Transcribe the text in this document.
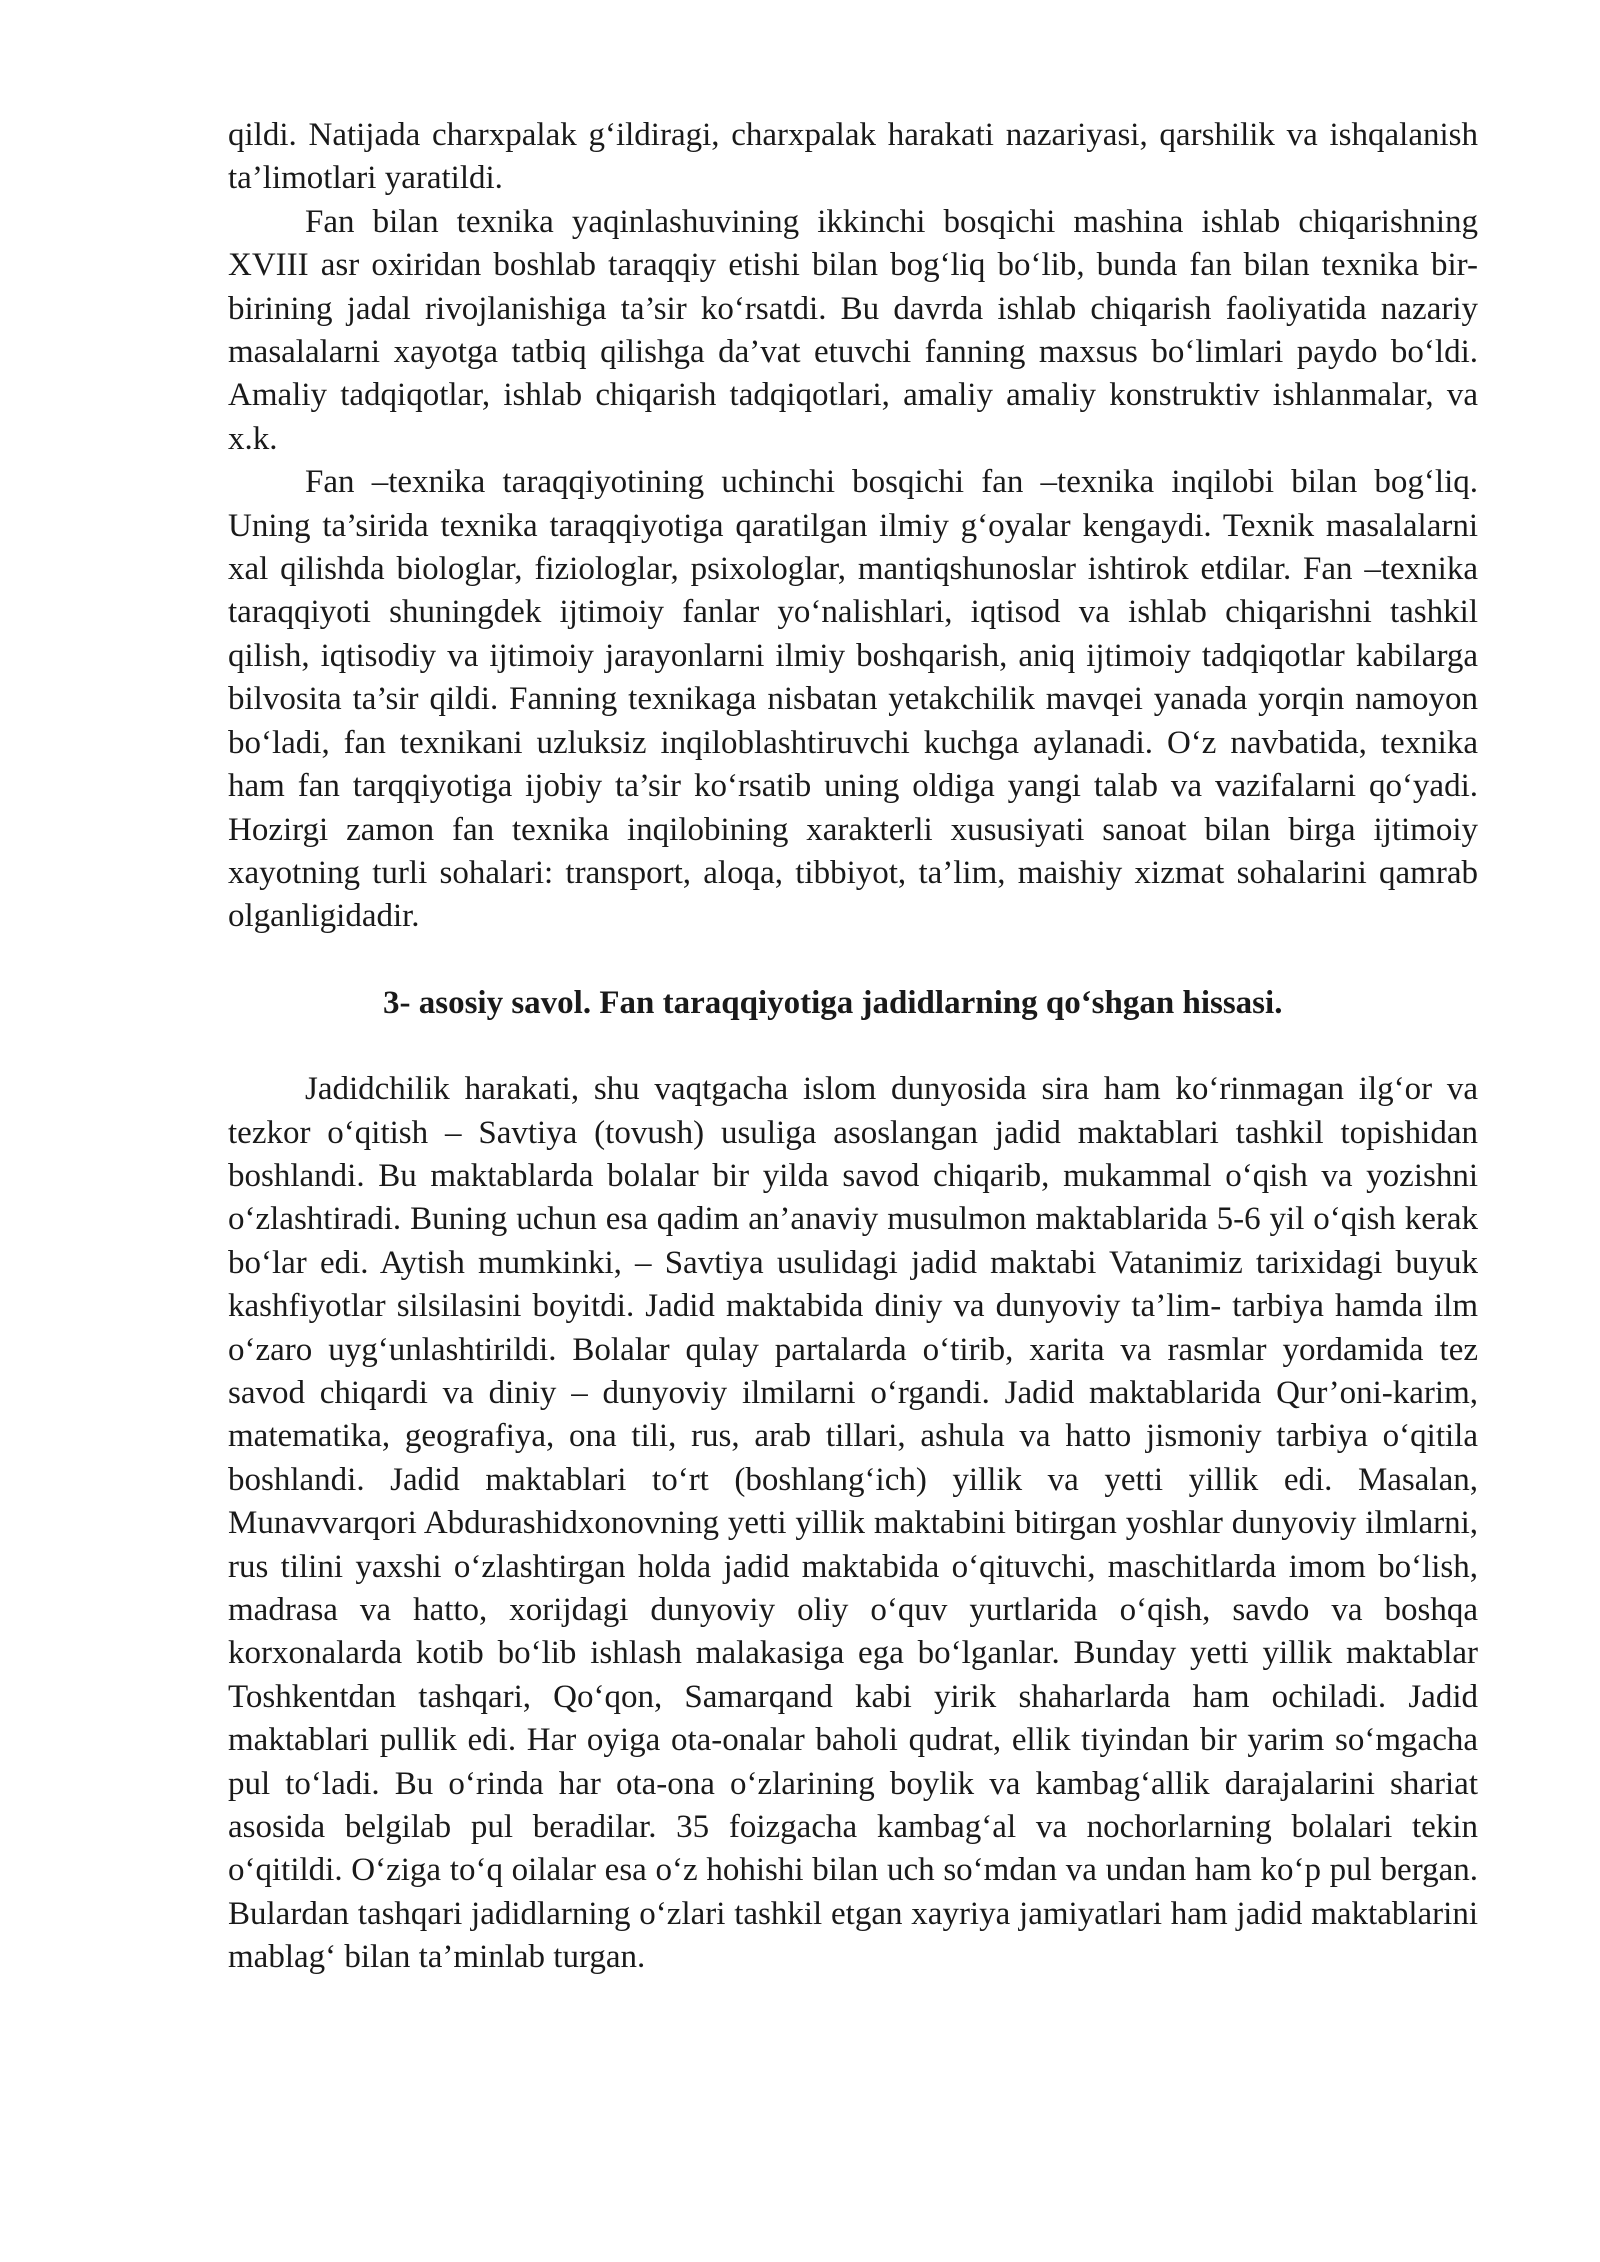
qildi. Natijada charxpalak g‘ildiragi, charxpalak harakati nazariyasi, qarshilik va ishqalanish ta’limotlari yaratildi.

Fan bilan texnika yaqinlashuvining ikkinchi bosqichi mashina ishlab chiqarishning XVIII asr oxiridan boshlab taraqqiy etishi bilan bog‘liq bo‘lib, bunda fan bilan texnika bir-birining jadal rivojlanishiga ta’sir ko‘rsatdi. Bu davrda ishlab chiqarish faoliyatida nazariy masalalarni xayotga tatbiq qilishga da’vat etuvchi fanning maxsus bo‘limlari paydo bo‘ldi. Amaliy tadqiqotlar, ishlab chiqarish tadqiqotlari, amaliy amaliy konstruktiv ishlanmalar, va x.k.

Fan –texnika taraqqiyotining uchinchi bosqichi fan –texnika inqilobi bilan bog‘liq. Uning ta’sirida texnika taraqqiyotiga qaratilgan ilmiy g‘oyalar kengaydi. Texnik masalalarni xal qilishda biologlar, fiziologlar, psixologlar, mantiqshunoslar ishtirok etdilar. Fan –texnika taraqqiyoti shuningdek ijtimoiy fanlar yo‘nalishlari, iqtisod va ishlab chiqarishni tashkil qilish, iqtisodiy va ijtimoiy jarayonlarni ilmiy boshqarish, aniq ijtimoiy tadqiqotlar kabilarga bilvosita ta’sir qildi. Fanning texnikaga nisbatan yetakchilik mavqei yanada yorqin namoyon bo‘ladi, fan texnikani uzluksiz inqiloblashtiruvchi kuchga aylanadi. O‘z navbatida, texnika ham fan tarqqiyotiga ijobiy ta’sir ko‘rsatib uning oldiga yangi talab va vazifalarni qo‘yadi. Hozirgi zamon fan texnika inqilobining xarakterli xususiyati sanoat bilan birga ijtimoiy xayotning turli sohalari: transport, aloqa, tibbiyot, ta’lim, maishiy xizmat sohalarini qamrab olganligidadir.

3- asosiy savol. Fan taraqqiyotiga jadidlarning qo‘shgan hissasi.

Jadidchilik harakati, shu vaqtgacha islom dunyosida sira ham ko‘rinmagan ilg‘or va tezkor o‘qitish – Savtiya (tovush) usuliga asoslangan jadid maktablari tashkil topishidan boshlandi. Bu maktablarda bolalar bir yilda savod chiqarib, mukammal o‘qish va yozishni o‘zlashtiradi. Buning uchun esa qadim an’anaviy musulmon maktablarida 5-6 yil o‘qish kerak bo‘lar edi. Aytish mumkinki, – Savtiya usulidagi jadid maktabi Vatanimiz tarixidagi buyuk kashfiyotlar silsilasini boyitdi. Jadid maktabida diniy va dunyoviy ta’lim- tarbiya hamda ilm o‘zaro uyg‘unlashtirildi. Bolalar qulay partalarda o‘tirib, xarita va rasmlar yordamida tez savod chiqardi va diniy – dunyoviy ilmilarni o‘rgandi. Jadid maktablarida Qur’oni-karim, matematika, geografiya, ona tili, rus, arab tillari, ashula va hatto jismoniy tarbiya o‘qitila boshlandi. Jadid maktablari to‘rt (boshlang‘ich) yillik va yetti yillik edi. Masalan, Munavvarqori Abdurashidxonovning yetti yillik maktabini bitirgan yoshlar dunyoviy ilmlarni, rus tilini yaxshi o‘zlashtirgan holda jadid maktabida o‘qituvchi, maschitlarda imom bo‘lish, madrasa va hatto, xorijdagi dunyoviy oliy o‘quv yurtlarida o‘qish, savdo va boshqa korxonalarda kotib bo‘lib ishlash malakasiga ega bo‘lganlar. Bunday yetti yillik maktablar Toshkentdan tashqari, Qo‘qon, Samarqand kabi yirik shaharlarda ham ochiladi. Jadid maktablari pullik edi. Har oyiga ota-onalar baholi qudrat, ellik tiyindan bir yarim so‘mgacha pul to‘ladi. Bu o‘rinda har ota-ona o‘zlarining boylik va kambag‘allik darajalarini shariat asosida belgilab pul beradilar. 35 foizgacha kambag‘al va nochorlarning bolalari tekin o‘qitildi. O‘ziga to‘q oilalar esa o‘z hohishi bilan uch so‘mdan va undan ham ko‘p pul bergan. Bulardan tashqari jadidlarning o‘zlari tashkil etgan xayriya jamiyatlari ham jadid maktablarini mablag‘ bilan ta’minlab turgan.
